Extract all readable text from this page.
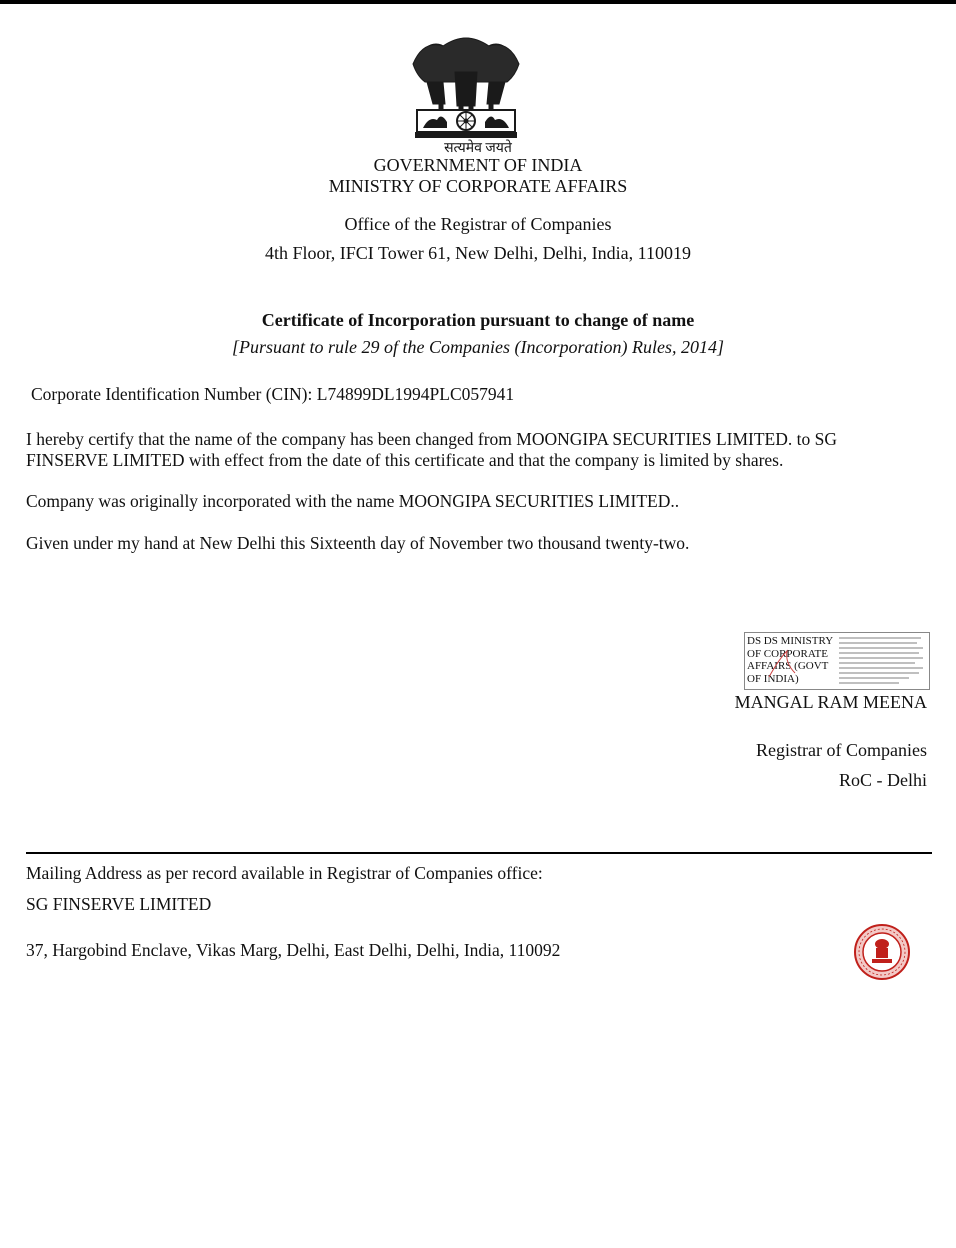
सत्यमेव जयते
GOVERNMENT OF INDIA
MINISTRY OF CORPORATE AFFAIRS
Office of the Registrar of Companies
4th Floor, IFCI Tower 61, New Delhi, Delhi, India, 110019
Certificate of Incorporation pursuant to change of name
[Pursuant to rule 29 of the Companies (Incorporation) Rules, 2014]
Corporate Identification Number (CIN): L74899DL1994PLC057941
I hereby certify that the name of the company has been changed from MOONGIPA SECURITIES LIMITED. to SG FINSERVE LIMITED with effect from the date of this certificate and that the company is limited by shares.
Company was originally incorporated with the name MOONGIPA SECURITIES LIMITED..
Given under my hand at New Delhi this Sixteenth day of November two thousand twenty-two.
DS DS MINISTRY OF CORPORATE AFFAIRS (GOVT OF INDIA)
MANGAL RAM MEENA
Registrar of Companies
RoC - Delhi
Mailing Address as per record available in Registrar of Companies office:
SG FINSERVE LIMITED
37, Hargobind Enclave, Vikas Marg, Delhi, East Delhi, Delhi, India, 110092
